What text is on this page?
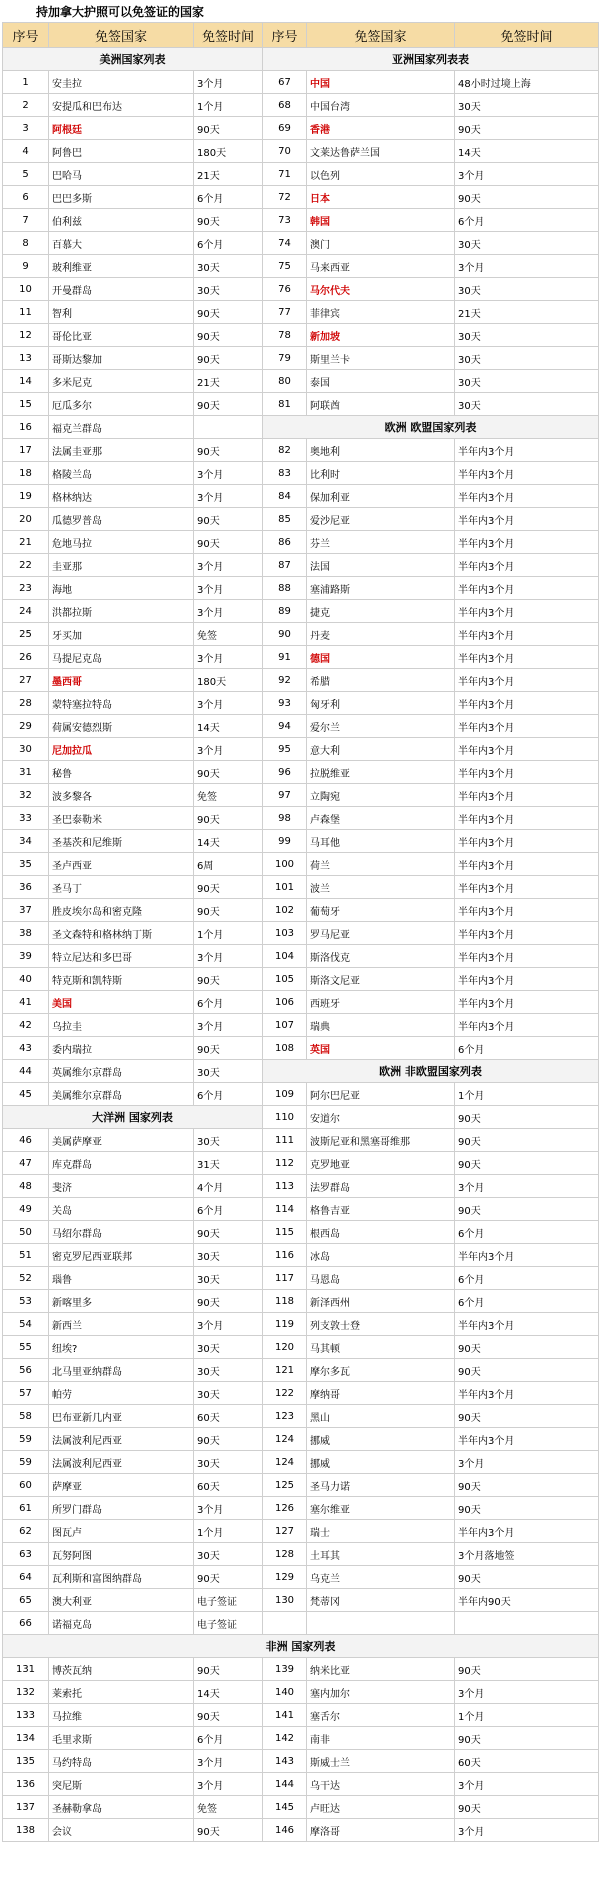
持加拿大护照可以免签证的国家
序号	免签国家	免签时间	序号	免签国家	免签时间
美洲国家列表			亚洲国家列表表		
1	安圭拉	3个月	67	中国	48小时过境上海
2	安提瓜和巴布达	1个月	68	中国台湾	30天
3	阿根廷	90天	69	香港	90天
4	阿鲁巴	180天	70	文莱达鲁萨兰国	14天
5	巴哈马	21天	71	以色列	3个月
6	巴巴多斯	6个月	72	日本	90天
7	伯利兹	90天	73	韩国	6个月
8	百慕大	6个月	74	澳门	30天
9	玻利维亚	30天	75	马来西亚	3个月
10	开曼群岛	30天	76	马尔代夫	30天
11	智利	90天	77	菲律宾	21天
12	哥伦比亚	90天	78	新加坡	30天
13	哥斯达黎加	90天	79	斯里兰卡	30天
14	多米尼克	21天	80	泰国	30天
15	厄瓜多尔	90天	81	阿联酋	30天
16	福克兰群岛		欧洲 欧盟国家列表		
17	法属圭亚那	90天	82	奥地利	半年内3个月
18	格陵兰岛	3个月	83	比利时	半年内3个月
19	格林纳达	3个月	84	保加利亚	半年内3个月
20	瓜德罗普岛	90天	85	爱沙尼亚	半年内3个月
21	危地马拉	90天	86	芬兰	半年内3个月
22	圭亚那	3个月	87	法国	半年内3个月
23	海地	3个月	88	塞浦路斯	半年内3个月
24	洪都拉斯	3个月	89	捷克	半年内3个月
25	牙买加	免签	90	丹麦	半年内3个月
26	马提尼克岛	3个月	91	德国	半年内3个月
27	墨西哥	180天	92	希腊	半年内3个月
28	蒙特塞拉特岛	3个月	93	匈牙利	半年内3个月
29	荷属安德烈斯	14天	94	爱尔兰	半年内3个月
30	尼加拉瓜	3个月	95	意大利	半年内3个月
31	秘鲁	90天	96	拉脱维亚	半年内3个月
32	波多黎各	免签	97	立陶宛	半年内3个月
33	圣巴泰勒米	90天	98	卢森堡	半年内3个月
34	圣基茨和尼维斯	14天	99	马耳他	半年内3个月
35	圣卢西亚	6周	100	荷兰	半年内3个月
36	圣马丁	90天	101	波兰	半年内3个月
37	胜皮埃尔岛和密克隆	90天	102	葡萄牙	半年内3个月
38	圣文森特和格林纳丁斯	1个月	103	罗马尼亚	半年内3个月
39	特立尼达和多巴哥	3个月	104	斯洛伐克	半年内3个月
40	特克斯和凯特斯	90天	105	斯洛文尼亚	半年内3个月
41	美国	6个月	106	西班牙	半年内3个月
42	乌拉圭	3个月	107	瑞典	半年内3个月
43	委内瑞拉	90天	108	英国	6个月
44	英属维尔京群岛	30天	欧洲 非欧盟国家列表		
45	美属维尔京群岛	6个月	109	阿尔巴尼亚	1个月
大洋洲 国家列表			110	安道尔	90天
46	美属萨摩亚	30天	111	波斯尼亚和黑塞哥维那	90天
47	库克群岛	31天	112	克罗地亚	90天
48	斐济	4个月	113	法罗群岛	3个月
49	关岛	6个月	114	格鲁吉亚	90天
50	马绍尔群岛	90天	115	根西岛	6个月
51	密克罗尼西亚联邦	30天	116	冰岛	半年内3个月
52	瑙鲁	30天	117	马恩岛	6个月
53	新喀里多	90天	118	新泽西州	6个月
54	新西兰	3个月	119	列支敦士登	半年内3个月
55	纽埃?	30天	120	马其顿	90天
56	北马里亚纳群岛	30天	121	摩尔多瓦	90天
57	帕劳	30天	122	摩纳哥	半年内3个月
58	巴布亚新几内亚	60天	123	黑山	90天
59	法属波利尼西亚	90天	124	挪威	半年内3个月
59	法属波利尼西亚	30天	124	挪威	3个月
60	萨摩亚	60天	125	圣马力诺	90天
61	所罗门群岛	3个月	126	塞尔维亚	90天
62	图瓦卢	1个月	127	瑞士	半年内3个月
63	瓦努阿图	30天	128	土耳其	3个月落地签
64	瓦利斯和富图纳群岛	90天	129	乌克兰	90天
65	澳大利亚	电子签证	130	梵蒂冈	半年内90天
66	诺福克岛	电子签证			
非洲 国家列表					
131	博茨瓦纳	90天	139	纳米比亚	90天
132	莱索托	14天	140	塞内加尔	3个月
133	马拉维	90天	141	塞舌尔	1个月
134	毛里求斯	6个月	142	南非	90天
135	马约特岛	3个月	143	斯威士兰	60天
136	突尼斯	3个月	144	乌干达	3个月
137	圣赫勒拿岛	免签	145	卢旺达	90天
138	会议	90天	146	摩洛哥	3个月
